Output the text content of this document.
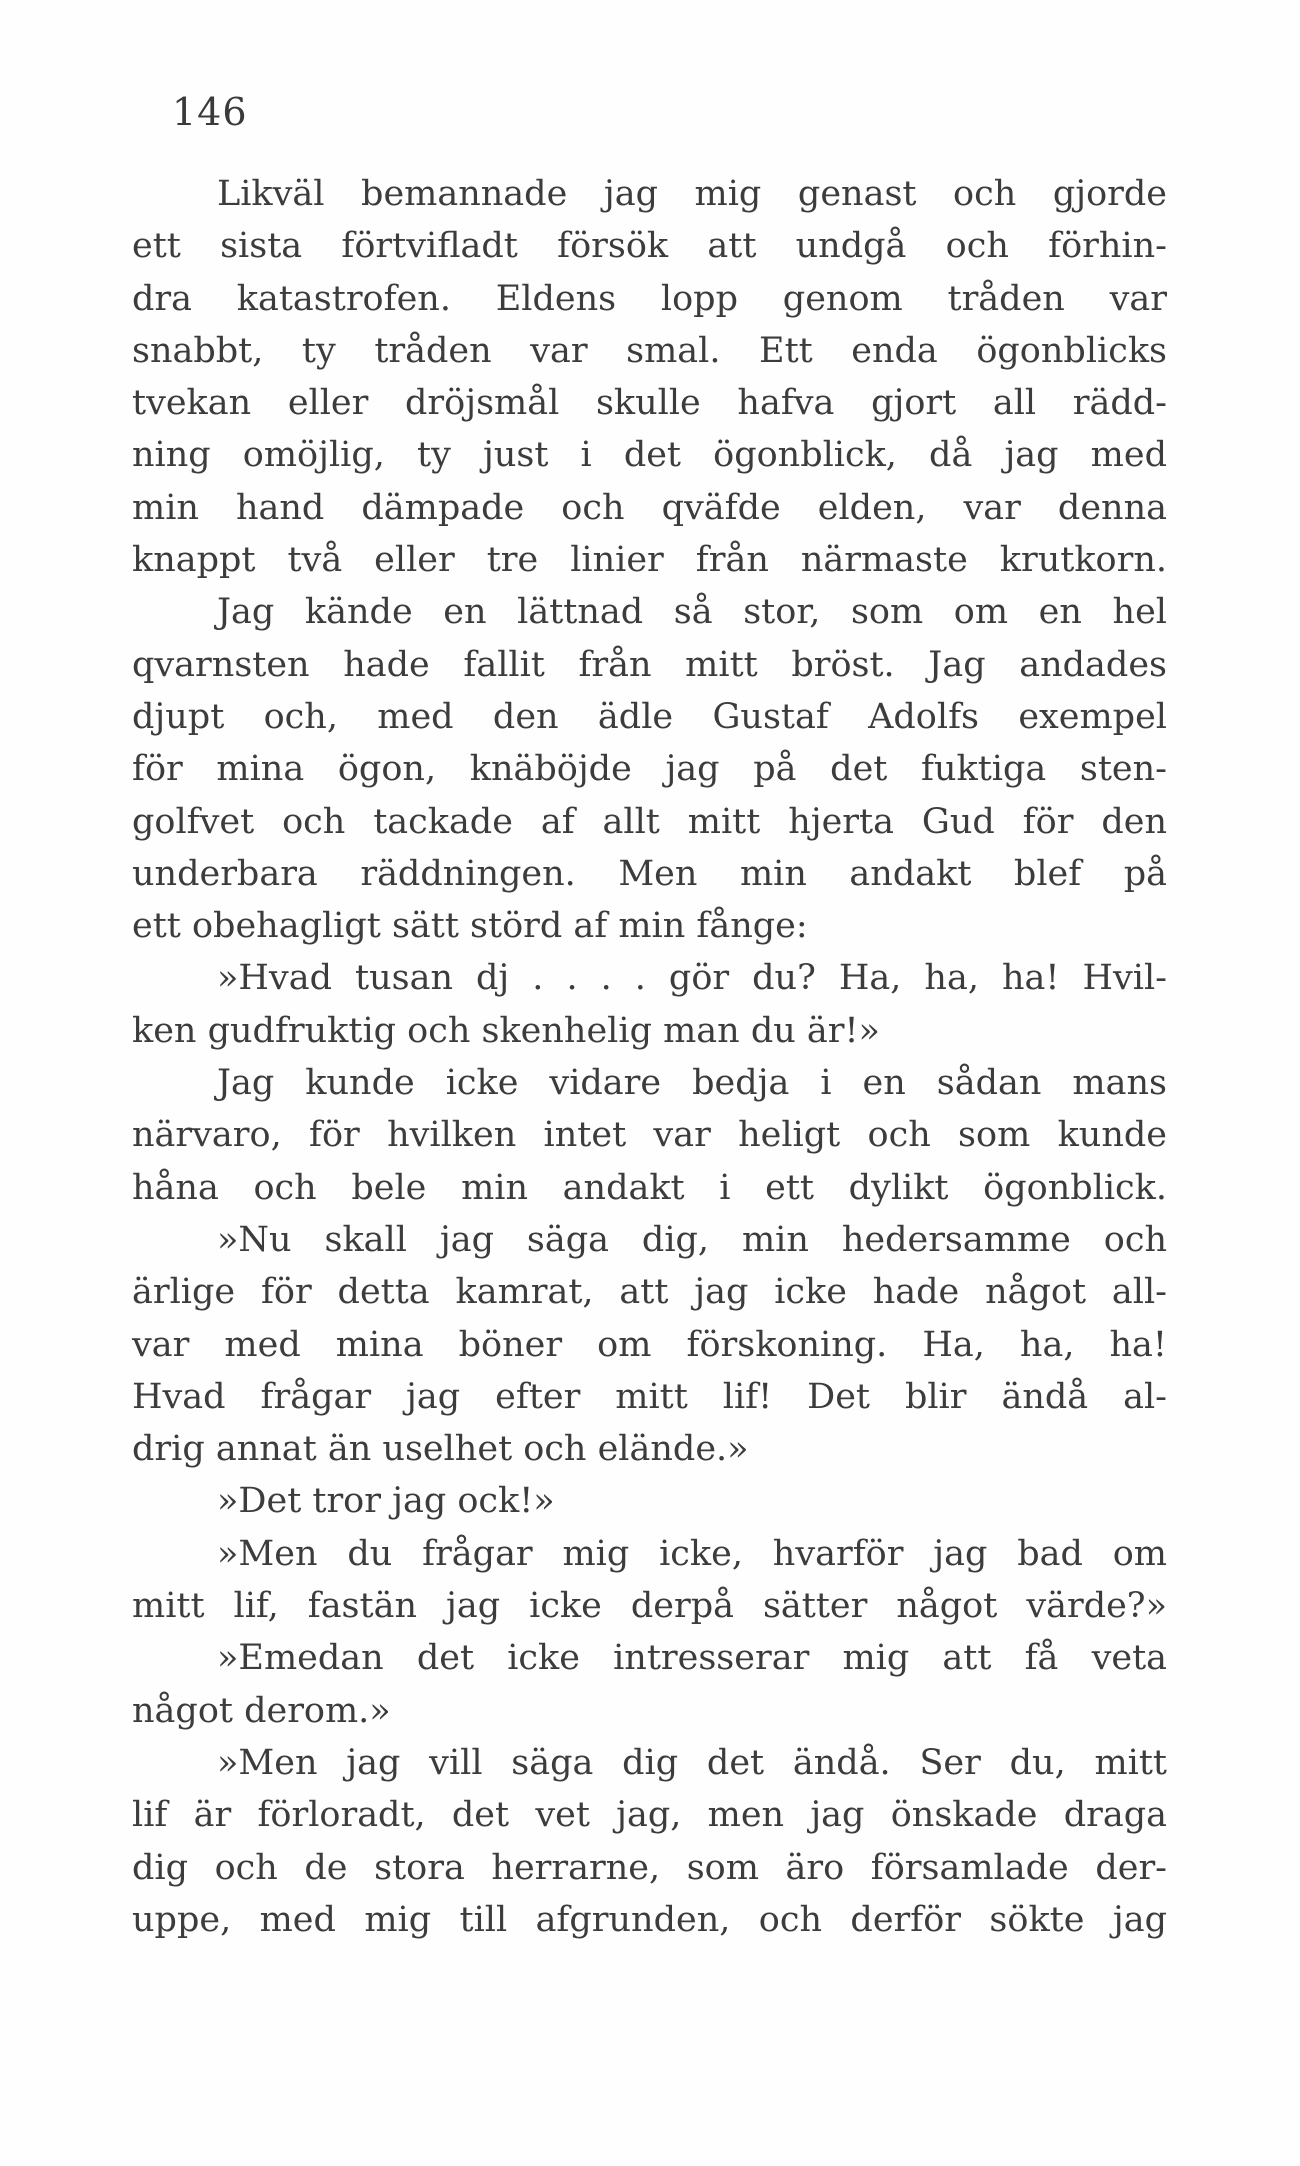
146
Likväl bemannade jag mig genast och gjorde
ett sista förtvifladt försök att undgå och förhin-
dra katastrofen. Eldens lopp genom tråden var
snabbt, ty tråden var smal. Ett enda ögonblicks
tvekan eller dröjsmål skulle hafva gjort all rädd-
ning omöjlig, ty just i det ögonblick, då jag med
min hand dämpade och qväfde elden, var denna
knappt två eller tre linier från närmaste krutkorn.
Jag kände en lättnad så stor, som om en hel
qvarnsten hade fallit från mitt bröst. Jag andades
djupt och, med den ädle Gustaf Adolfs exempel
för mina ögon, knäböjde jag på det fuktiga sten-
golfvet och tackade af allt mitt hjerta Gud för den
underbara räddningen. Men min andakt blef på
ett obehagligt sätt störd af min fånge:
»Hvad tusan dj . . . . gör du? Ha, ha, ha! Hvil-
ken gudfruktig och skenhelig man du är!»
Jag kunde icke vidare bedja i en sådan mans
närvaro, för hvilken intet var heligt och som kunde
håna och bele min andakt i ett dylikt ögonblick.
»Nu skall jag säga dig, min hedersamme och
ärlige för detta kamrat, att jag icke hade något all-
var med mina böner om förskoning. Ha, ha, ha!
Hvad frågar jag efter mitt lif! Det blir ändå al-
drig annat än uselhet och elände.»
»Det tror jag ock!»
»Men du frågar mig icke, hvarför jag bad om
mitt lif, fastän jag icke derpå sätter något värde?»
»Emedan det icke intresserar mig att få veta
något derom.»
»Men jag vill säga dig det ändå. Ser du, mitt
lif är förloradt, det vet jag, men jag önskade draga
dig och de stora herrarne, som äro församlade der-
uppe, med mig till afgrunden, och derför sökte jag
